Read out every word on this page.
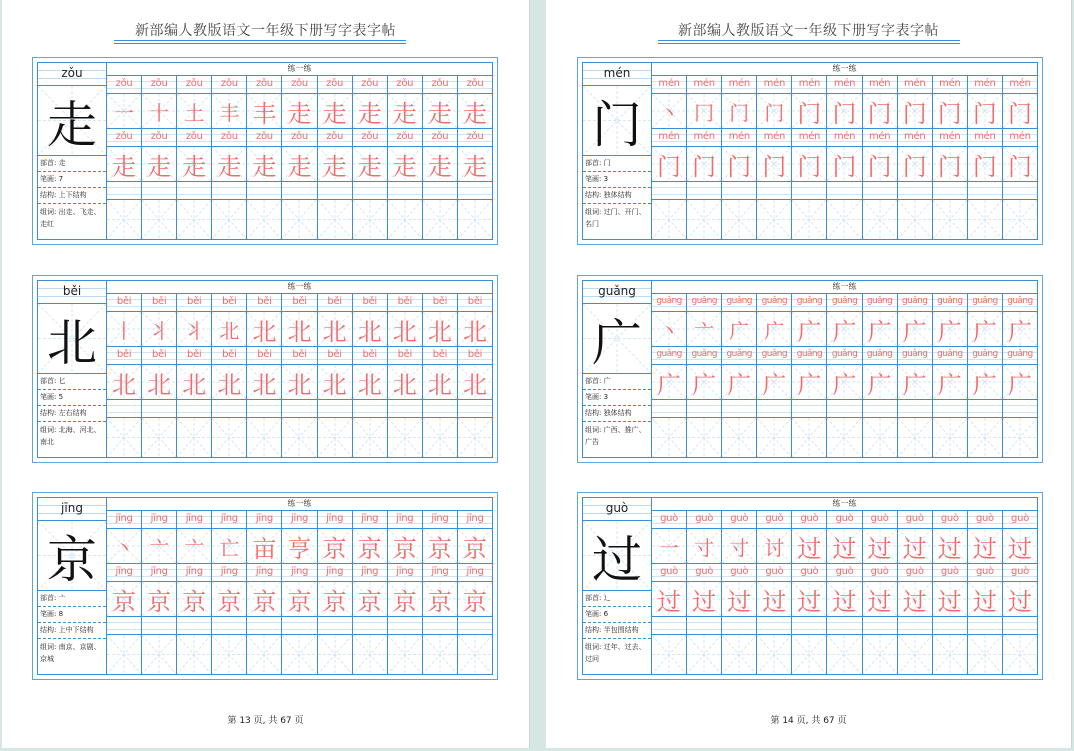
新部编人教版语文一年级下册写字表字帖
zǒu
走
部首: 走
笔画: 7
结构: 上下结构
组词: 出走、飞走、走红
练一练
zǒu	zǒu	zǒu	zǒu	zǒu	zǒu	zǒu	zǒu	zǒu	zǒu	zǒu
一 十 土 丰 丰 走 走 走 走 走 走
zǒu	zǒu	zǒu	zǒu	zǒu	zǒu	zǒu	zǒu	zǒu	zǒu	zǒu
走 走 走 走 走 走 走 走 走 走 走
běi
北
部首: 匕
笔画: 5
结构: 左右结构
组词: 北海、河北、南北
练一练
běi	běi	běi	běi	běi	běi	běi	běi	běi	běi	běi
丨 丬 丬 北 北 北 北 北 北 北 北
běi	běi	běi	běi	běi	běi	běi	běi	běi	běi	běi
北 北 北 北 北 北 北 北 北 北 北
jīng
京
部首: 亠
笔画: 8
结构: 上中下结构
组词: 南京、京剧、京城
练一练
jīng	jīng	jīng	jīng	jīng	jīng	jīng	jīng	jīng	jīng	jīng
丶 亠 亠 亡 亩 亨 京 京 京 京 京
jīng	jīng	jīng	jīng	jīng	jīng	jīng	jīng	jīng	jīng	jīng
京 京 京 京 京 京 京 京 京 京 京
第 13 页, 共 67 页
新部编人教版语文一年级下册写字表字帖
mén
门
部首: 门
笔画: 3
结构: 独体结构
组词: 过门、开门、名门
练一练
mén	mén	mén	mén	mén	mén	mén	mén	mén	mén	mén
丶 冂 门 门 门 门 门 门 门 门 门
mén	mén	mén	mén	mén	mén	mén	mén	mén	mén	mén
门 门 门 门 门 门 门 门 门 门 门
guǎng
广
部首: 广
笔画: 3
结构: 独体结构
组词: 广西、推广、广告
练一练
guǎng	guǎng	guǎng	guǎng	guǎng	guǎng	guǎng	guǎng	guǎng	guǎng	guǎng
丶 亠 广 广 广 广 广 广 广 广 广
guǎng	guǎng	guǎng	guǎng	guǎng	guǎng	guǎng	guǎng	guǎng	guǎng	guǎng
广 广 广 广 广 广 广 广 广 广 广
guò
过
部首: 辶
笔画: 6
结构: 半包围结构
组词: 过年、过去、过问
练一练
guò	guò	guò	guò	guò	guò	guò	guò	guò	guò	guò
一 寸 寸 讨 过 过 过 过 过 过 过
guò	guò	guò	guò	guò	guò	guò	guò	guò	guò	guò
过 过 过 过 过 过 过 过 过 过 过
第 14 页, 共 67 页
